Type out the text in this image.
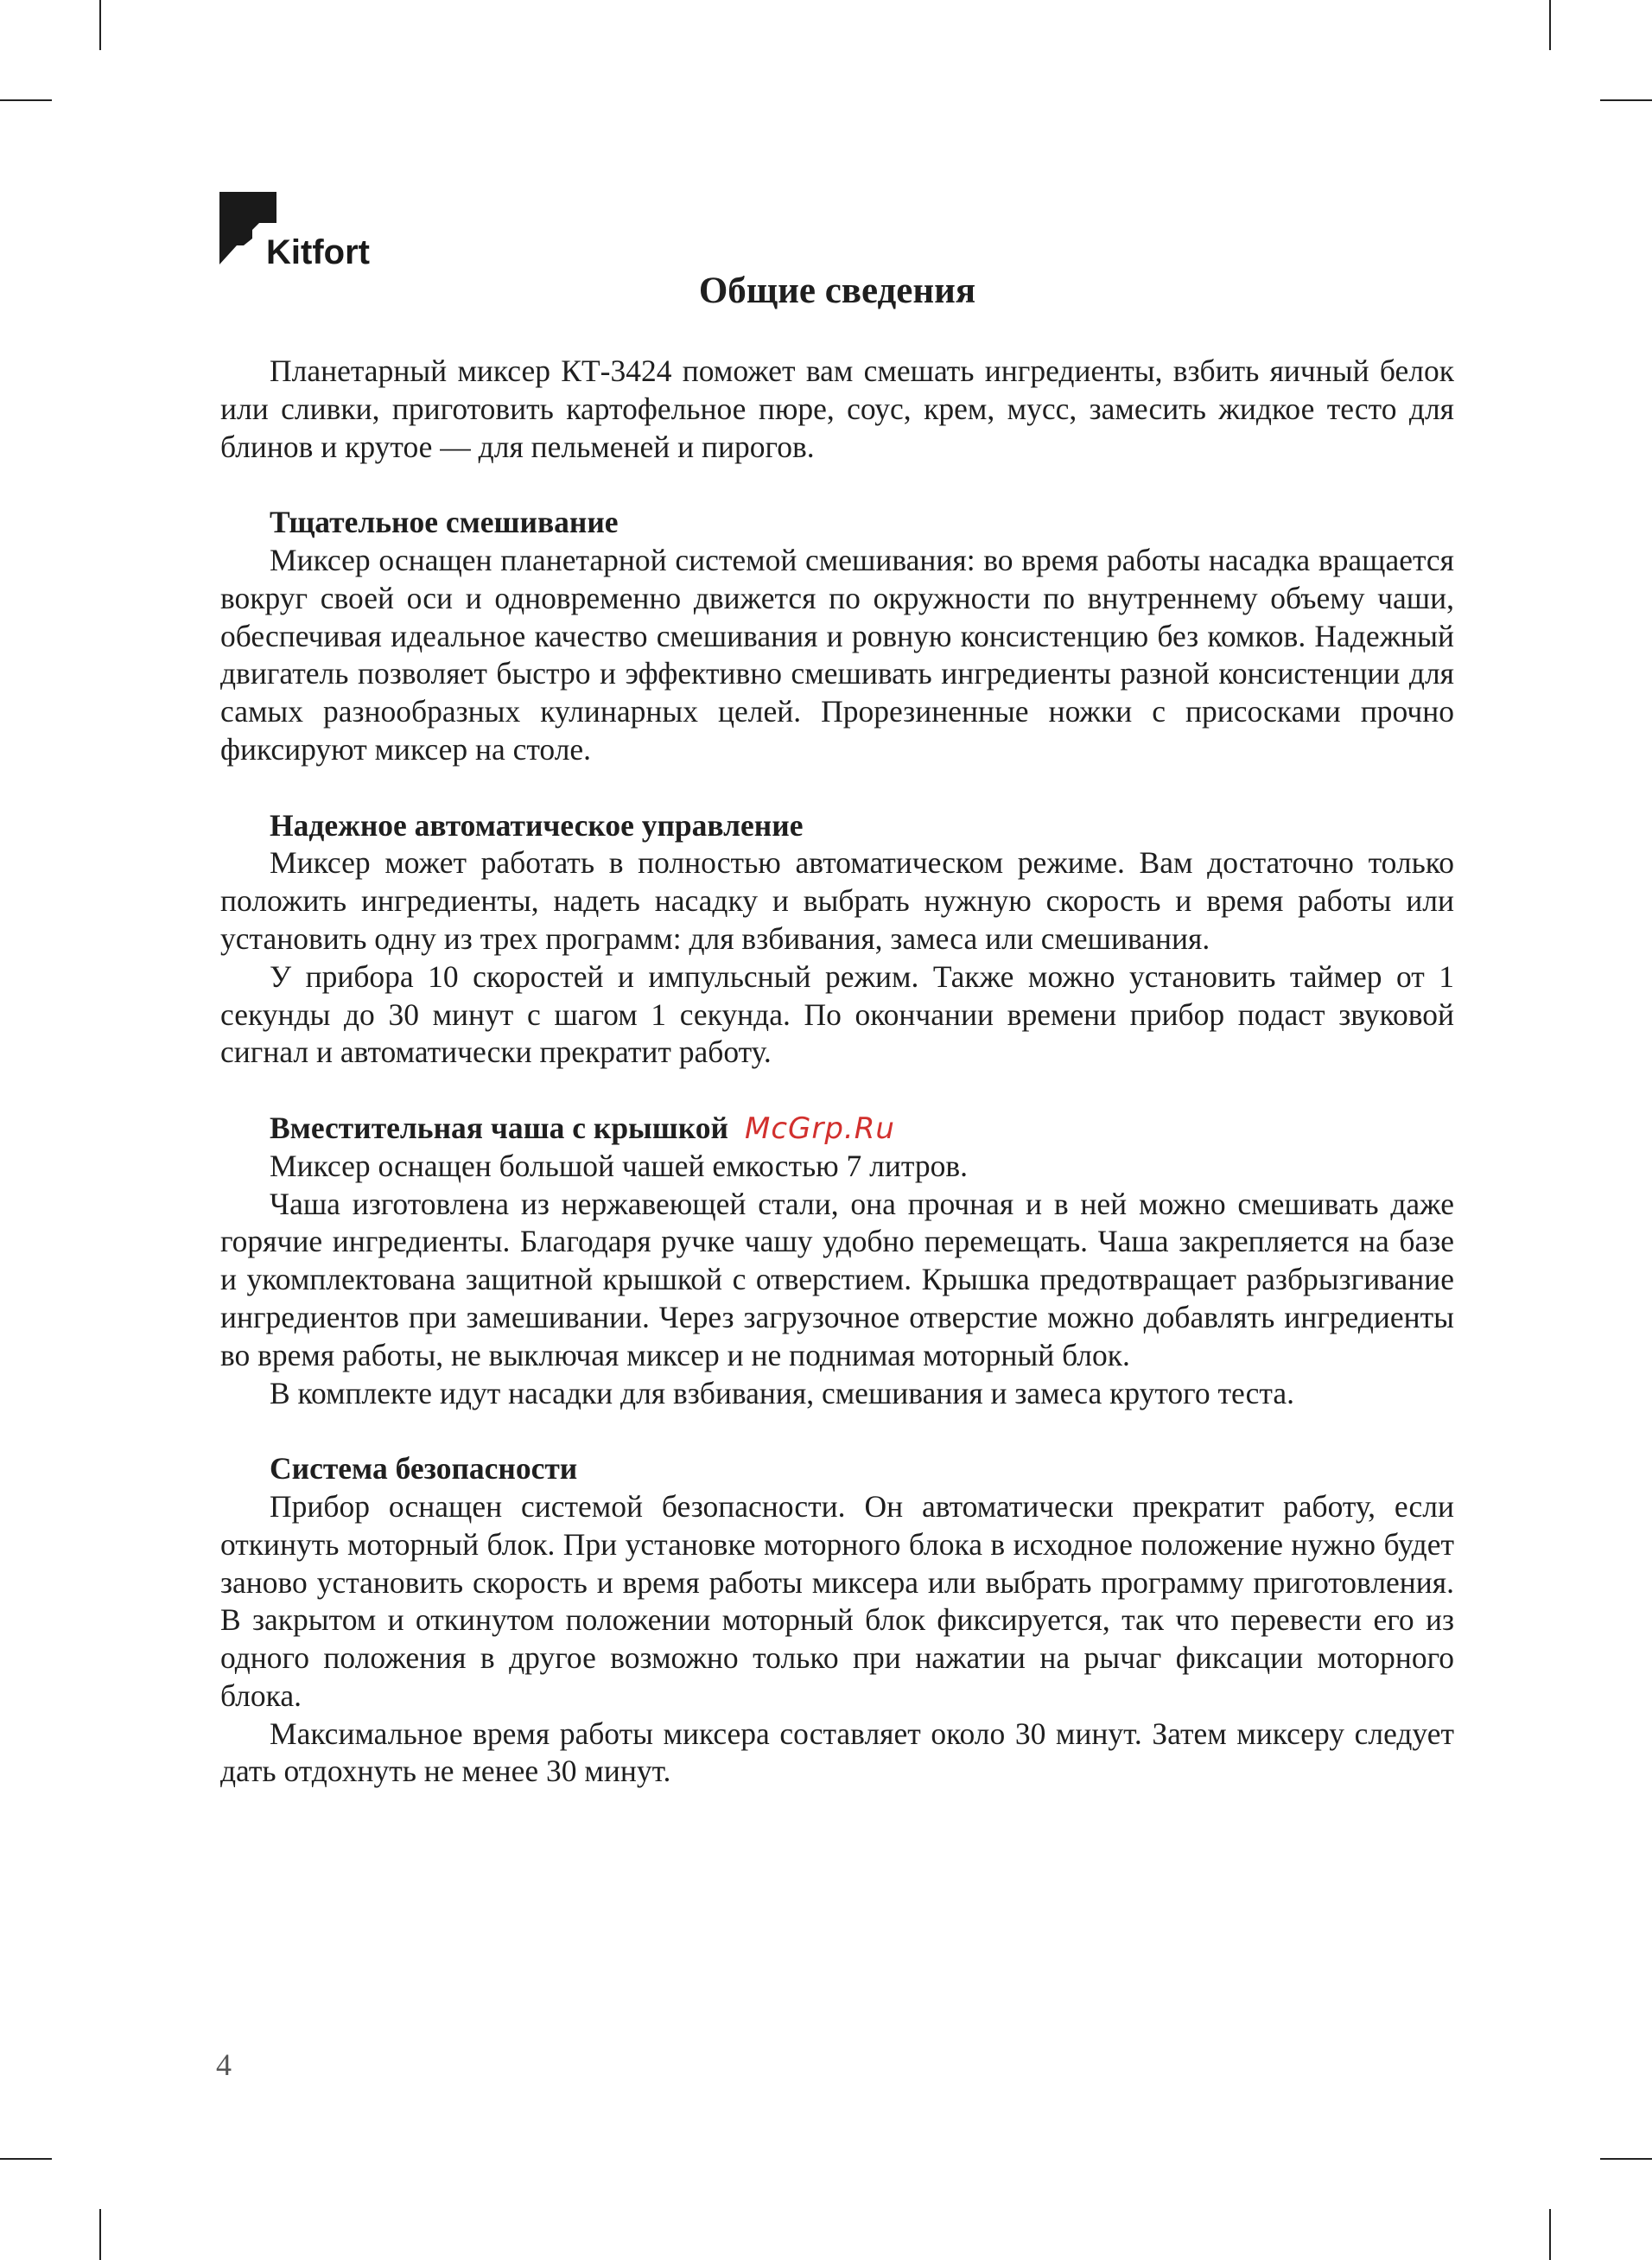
Kitfort
Общие сведения

Планетарный миксер КТ-3424 поможет вам смешать ингредиенты, взбить яичный белок или сливки, приготовить картофельное пюре, соус, крем, мусс, замесить жидкое тесто для блинов и крутое — для пельменей и пирогов.

Тщательное смешивание

Миксер оснащен планетарной системой смешивания: во время работы насадка вращается вокруг своей оси и одновременно движется по окружности по внутреннему объему чаши, обеспечивая идеальное качество смешивания и ровную консистенцию без комков. Надежный двигатель позволяет быстро и эффективно смешивать ингредиенты разной консистенции для самых разнообразных кулинарных целей. Прорезиненные ножки с присосками прочно фиксируют миксер на столе.

Надежное автоматическое управление

Миксер может работать в полностью автоматическом режиме. Вам достаточно только положить ингредиенты, надеть насадку и выбрать нужную скорость и время работы или установить одну из трех программ: для взбивания, замеса или смешивания.

У прибора 10 скоростей и импульсный режим. Также можно установить таймер от 1 секунды до 30 минут с шагом 1 секунда. По окончании времени прибор подаст звуковой сигнал и автоматически прекратит работу.

Вместительная чаша с крышкой

Миксер оснащен большой чашей емкостью 7 литров.

Чаша изготовлена из нержавеющей стали, она прочная и в ней можно смешивать даже горячие ингредиенты. Благодаря ручке чашу удобно перемещать. Чаша закрепляется на базе и укомплектована защитной крышкой с отверстием. Крышка предотвращает разбрызгивание ингредиентов при замешивании. Через загрузочное отверстие можно добавлять ингредиенты во время работы, не выключая миксер и не поднимая моторный блок.

В комплекте идут насадки для взбивания, смешивания и замеса крутого теста.

Система безопасности

Прибор оснащен системой безопасности. Он автоматически прекратит работу, если откинуть моторный блок. При установке моторного блока в исходное положение нужно будет заново установить скорость и время работы миксера или выбрать программу приготовления. В закрытом и откинутом положении моторный блок фиксируется, так что перевести его из одного положения в другое возможно только при нажатии на рычаг фиксации моторного блока.

Максимальное время работы миксера составляет около 30 минут. Затем миксеру следует дать отдохнуть не менее 30 минут.

McGrp.Ru
4
